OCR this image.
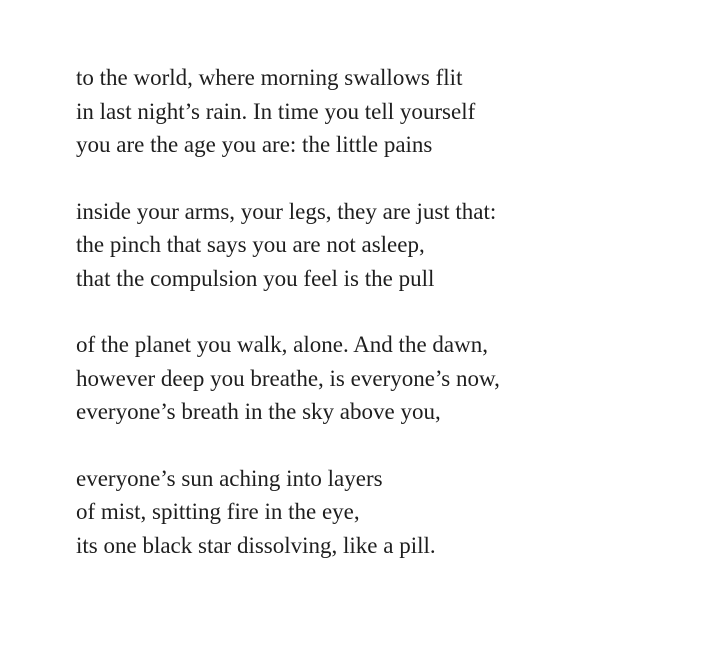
to the world, where morning swallows flit
in last night’s rain. In time you tell yourself
you are the age you are: the little pains
inside your arms, your legs, they are just that:
the pinch that says you are not asleep,
that the compulsion you feel is the pull
of the planet you walk, alone. And the dawn,
however deep you breathe, is everyone’s now,
everyone’s breath in the sky above you,
everyone’s sun aching into layers
of mist, spitting fire in the eye,
its one black star dissolving, like a pill.
